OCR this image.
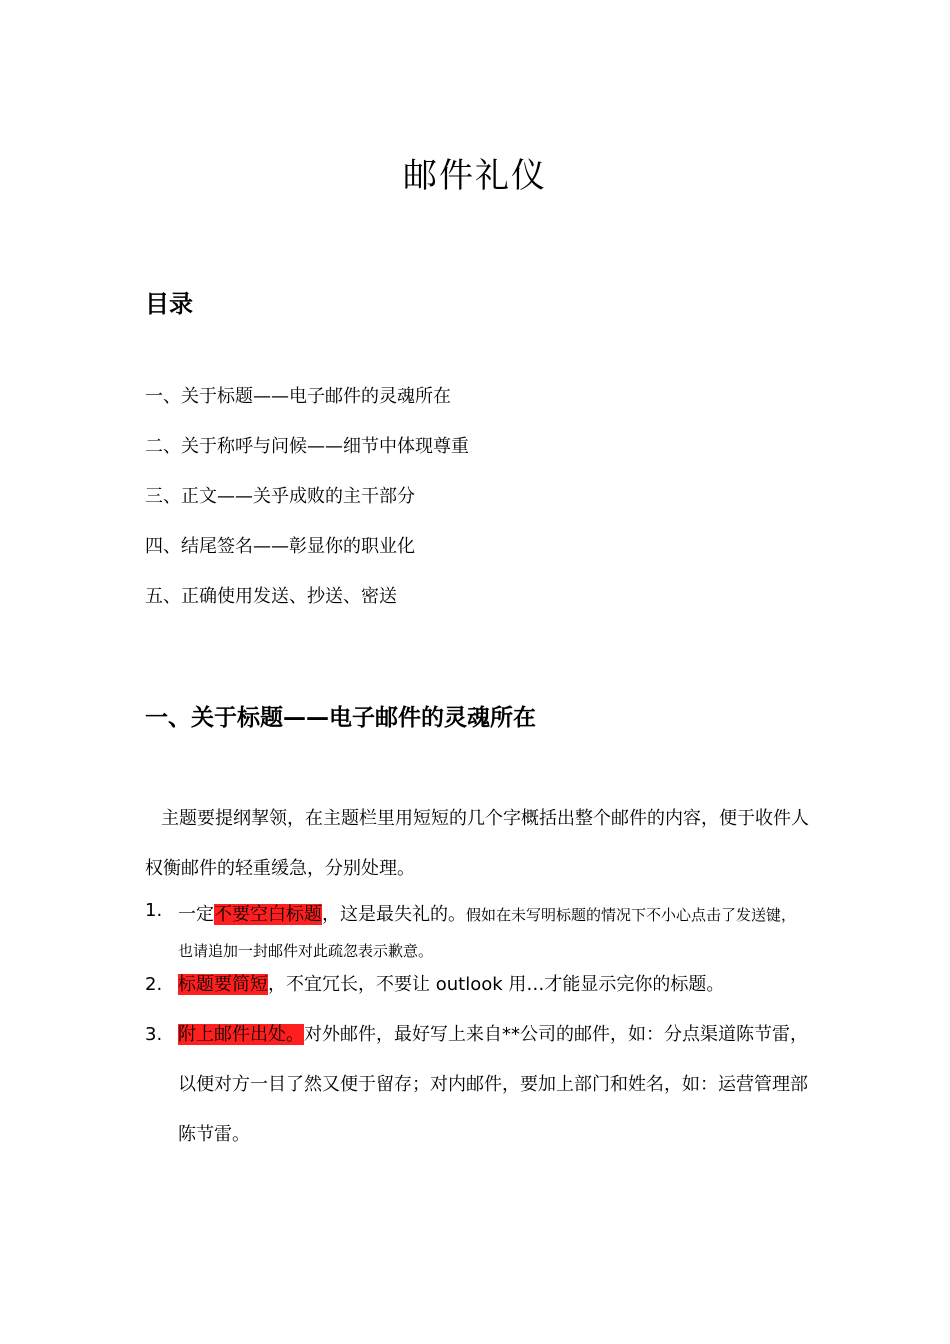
邮件礼仪
目录
一、关于标题——电子邮件的灵魂所在
二、关于称呼与问候——细节中体现尊重
三、正文——关乎成败的主干部分
四、结尾签名——彰显你的职业化
五、正确使用发送、抄送、密送
一、关于标题——电子邮件的灵魂所在

主题要提纲挈领，在主题栏里用短短的几个字概括出整个邮件的内容，便于收件人权衡邮件的轻重缓急，分别处理。

1. 一定不要空白标题，这是最失礼的。假如在未写明标题的情况下不小心点击了发送键，也请追加一封邮件对此疏忽表示歉意。
2. 标题要简短，不宜冗长，不要让 outlook 用…才能显示完你的标题。
3. 附上邮件出处。对外邮件，最好写上来自**公司的邮件，如：分点渠道陈节雷，以便对方一目了然又便于留存；对内邮件，要加上部门和姓名，如：运营管理部陈节雷。
